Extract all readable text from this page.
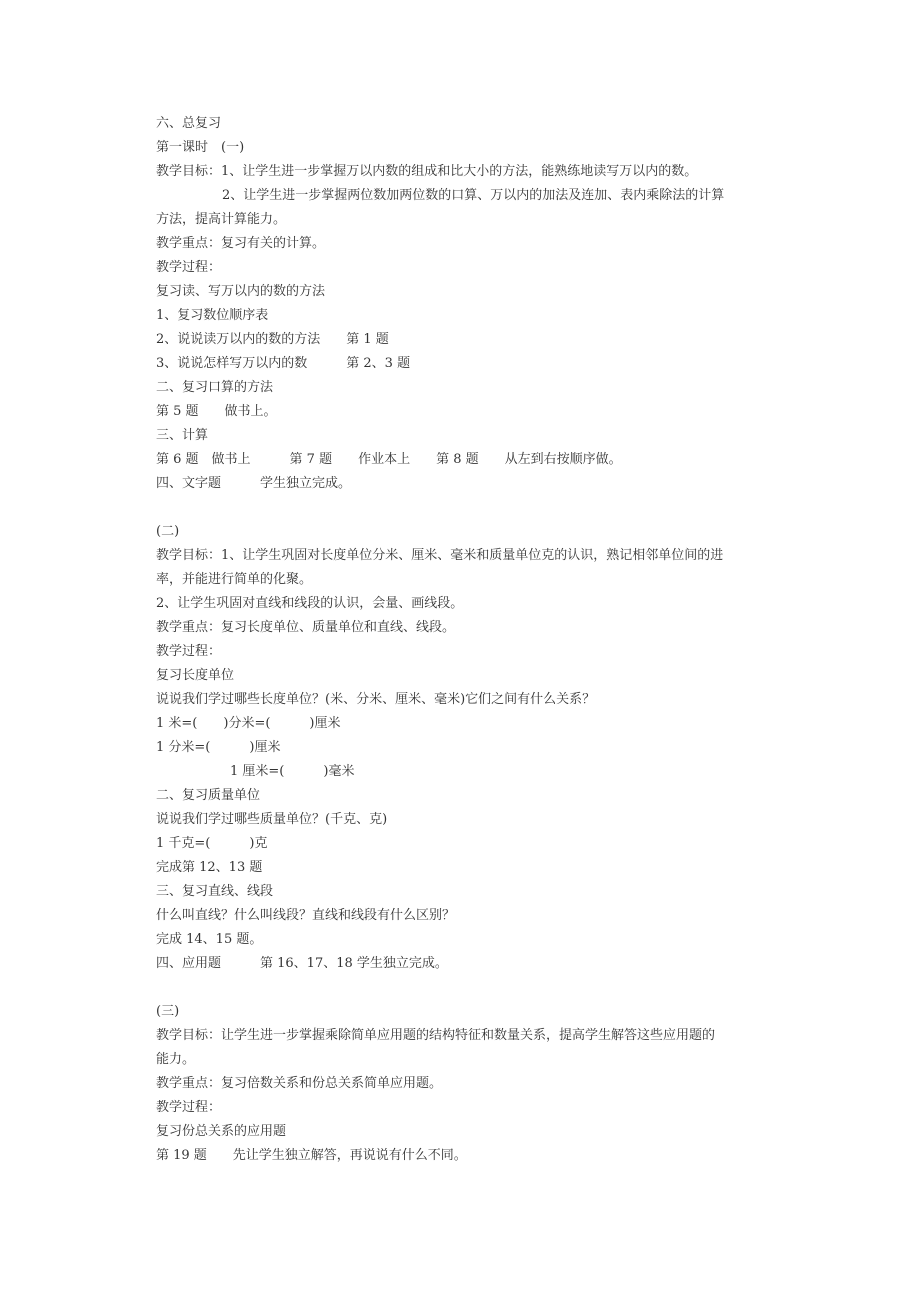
六、总复习
第一课时　(一)
教学目标：1、让学生进一步掌握万以内数的组成和比大小的方法，能熟练地读写万以内的数。
2、让学生进一步掌握两位数加两位数的口算、万以内的加法及连加、表内乘除法的计算
方法，提高计算能力。
教学重点：复习有关的计算。
教学过程：
复习读、写万以内的数的方法
1、复习数位顺序表
2、说说读万以内的数的方法　　第 1 题
3、说说怎样写万以内的数　　　第 2、3 题
二、复习口算的方法
第 5 题　　做书上。
三、计算
第 6 题　做书上　　　第 7 题　　作业本上　　第 8 题　　从左到右按顺序做。
四、文字题　　　学生独立完成。
(二)
教学目标：1、让学生巩固对长度单位分米、厘米、毫米和质量单位克的认识，熟记相邻单位间的进
率，并能进行简单的化聚。
2、让学生巩固对直线和线段的认识，会量、画线段。
教学重点：复习长度单位、质量单位和直线、线段。
教学过程：
复习长度单位
说说我们学过哪些长度单位？(米、分米、厘米、毫米)它们之间有什么关系？
1 米=(　　)分米=(　　　)厘米
1 分米=(　　　)厘米
1 厘米=(　　　)毫米
二、复习质量单位
说说我们学过哪些质量单位？(千克、克)
1 千克=(　　　)克
完成第 12、13 题
三、复习直线、线段
什么叫直线？什么叫线段？直线和线段有什么区别？
完成 14、15 题。
四、应用题　　　第 16、17、18 学生独立完成。
(三)
教学目标：让学生进一步掌握乘除简单应用题的结构特征和数量关系，提高学生解答这些应用题的
能力。
教学重点：复习倍数关系和份总关系简单应用题。
教学过程：
复习份总关系的应用题
第 19 题　　先让学生独立解答，再说说有什么不同。
